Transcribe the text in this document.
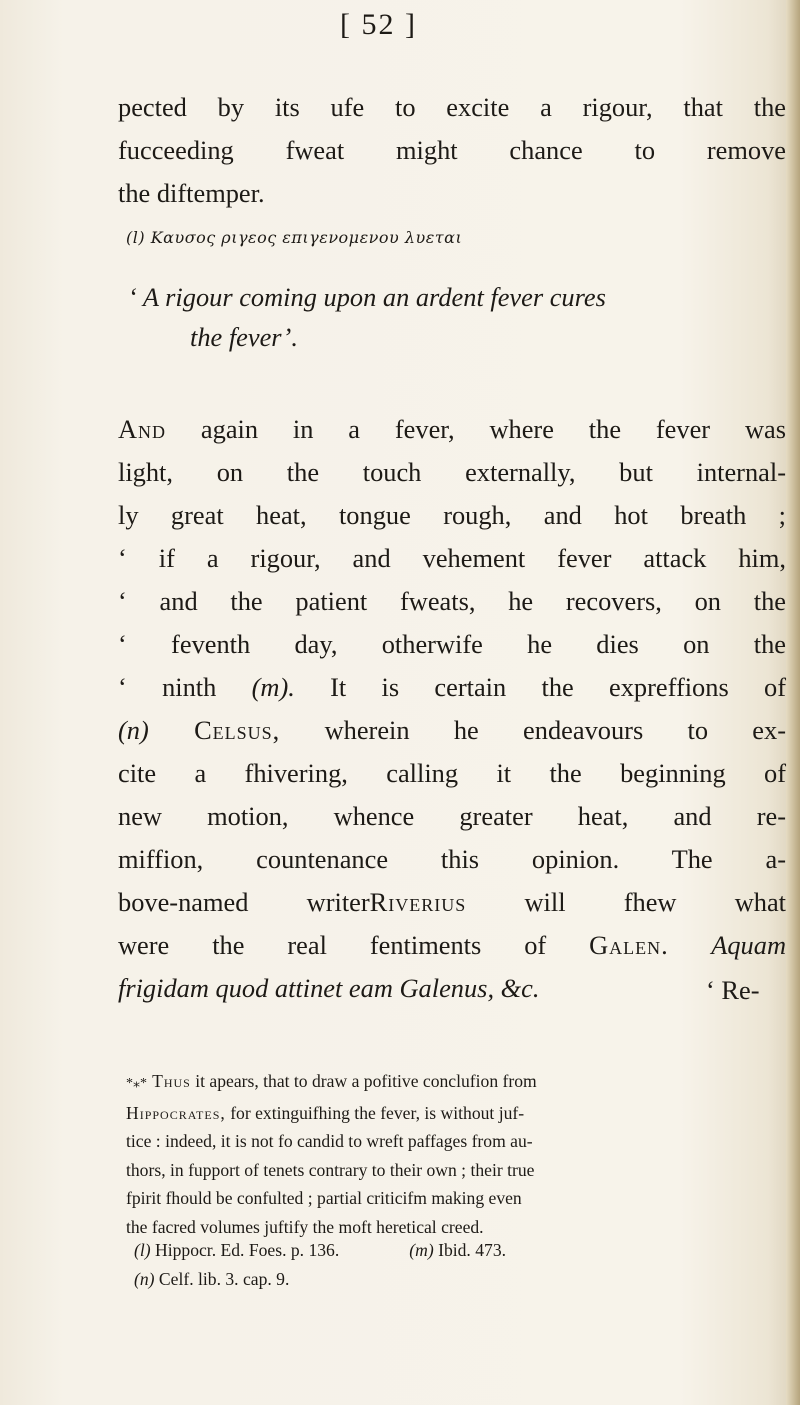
[ 52 ]
pected by its ufe to excite a rigour, that the
fucceeding fweat might chance to remove
the diftemper.
(l) Καυσος ριγεος επιγενομενου λυεται
‘ A rigour coming upon an ardent fever cures
the fever’.
And again in a fever, where the fever was
light, on the touch externally, but internal-
ly great heat, tongue rough, and hot breath ;
‘ if a rigour, and vehement fever attack him,
‘ and the patient fweats, he recovers, on the
‘ feventh day, otherwife he dies on the
‘ ninth (m). It is certain the expreffions of
(n) Celsus, wherein he endeavours to ex-
cite a fhivering, calling it the beginning of
new motion, whence greater heat, and re-
miffion, countenance this opinion. The a-
bove-named writerRiverius will fhew what
were the real fentiments of Galen. Aquam
frigidam quod attinet eam Galenus, &c.	‘ Re-
*⁎* Thus it apears, that to draw a pofitive conclufion from
Hippocrates, for extinguifhing the fever, is without juf-
tice : indeed, it is not fo candid to wreft paffages from au-
thors, in fupport of tenets contrary to their own ; their true
fpirit fhould be confulted ; partial criticifm making even
the facred volumes juftify the moft heretical creed.
(l) Hippocr. Ed. Foes. p. 136.	(m) Ibid. 473.
(n) Celf. lib. 3. cap. 9.
